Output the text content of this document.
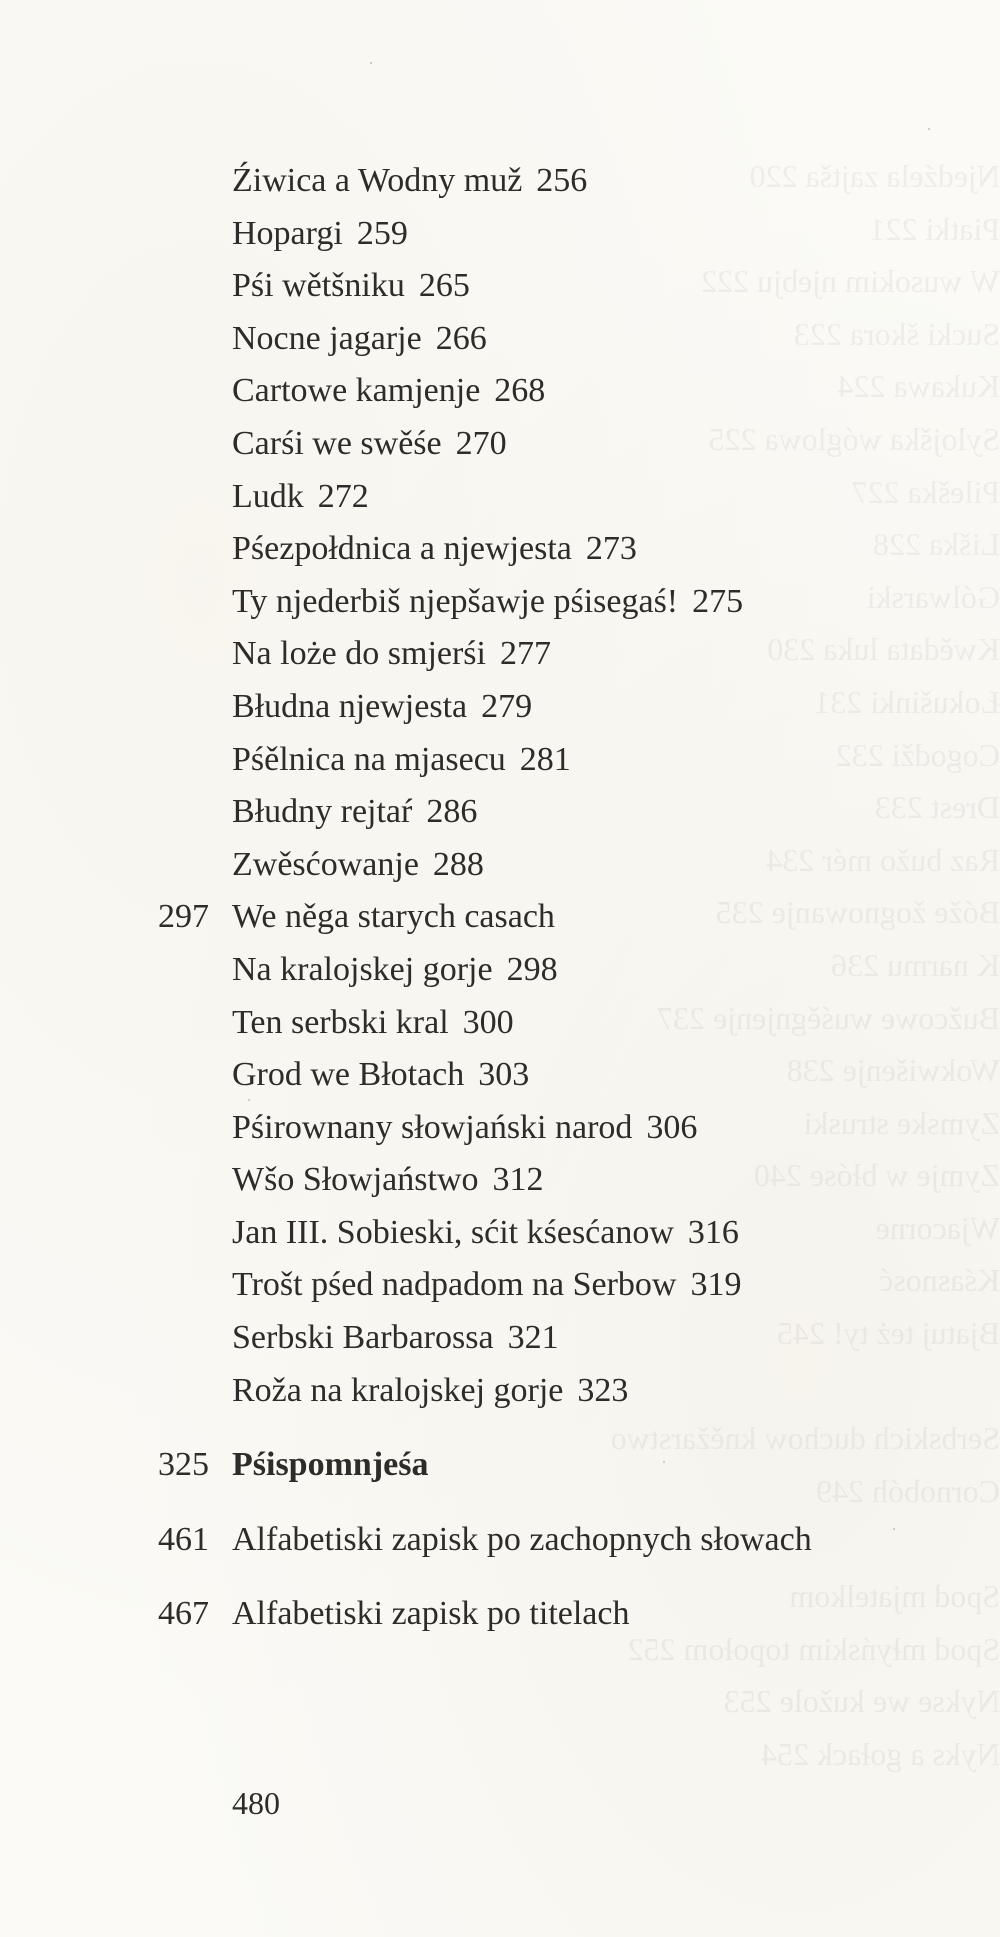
Njedźela zajtša 220
Piatki 221
W wusokim njebju 222
Sucki škora 223
Kukawa 224
Sylojška wóglowa 225
Pileška 227
Liška 228
Gólwarski
Kwědata luka 230
Łokušinki 231
Cogodži 232
Drest 233
Raz bužo mér 234
Bóže žognowanje 235
K narmu 236
Bužcowe wuśěgnjenje 237
Wokwišenje 238
Zymske struski
Zymje w błóse 240
Wjacorne
Kśasnosć
Bjatuj też ty! 245
Serbskich duchow kněžarstwo
Cornobóh 249
Spod mjatelkom
Spod młyńskim topołom 252
Nykse we kužole 253
Nyks a gołack 254
Źiwica a Wodny muž 256
Hopargi 259
Pśi wětšniku 265
Nocne jagarje 266
Cartowe kamjenje 268
Carśi we swěśe 270
Ludk 272
Pśezpołdnica a njewjesta 273
Ty njederbiš njepšawje pśisegaś! 275
Na lożе do smjerśi 277
Błudna njewjesta 279
Pśělnica na mjasecu 281
Błudny rejtaŕ 286
Zwěsćowanje 288
297 We něga starych casach
Na kralojskej gorje 298
Ten serbski kral 300
Grod we Błotach 303
Pśirownany słowjański narod 306
Wšo Słowjaństwo 312
Jan III. Sobieski, sćit kśesćanow 316
Trošt pśed nadpadom na Serbow 319
Serbski Barbarossa 321
Roža na kralojskej gorje 323
325 Pśispomnjeśa
461 Alfabetiski zapisk po zachopnych słowach
467 Alfabetiski zapisk po titelach
480
